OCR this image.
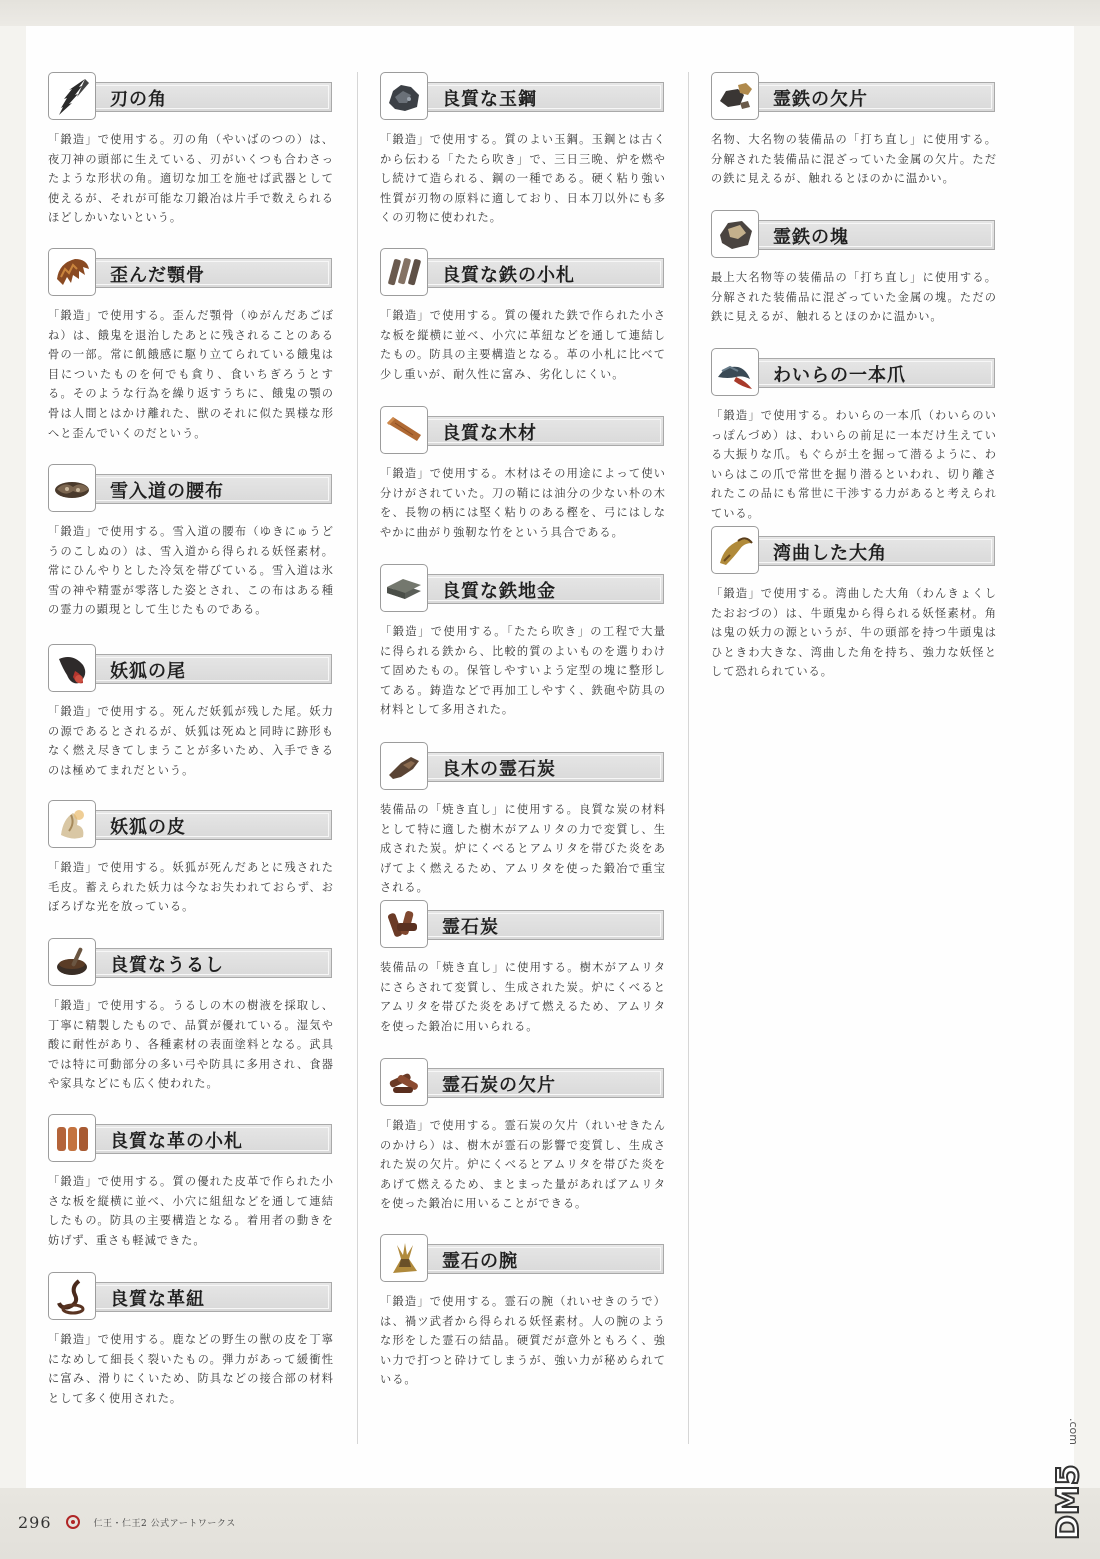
刃の角
「鍛造」で使用する。刃の角（やいばのつの）は、夜刀神の頭部に生えている、刃がいくつも合わさったような形状の角。適切な加工を施せば武器として使えるが、それが可能な刀鍛冶は片手で数えられるほどしかいないという。
歪んだ顎骨
「鍛造」で使用する。歪んだ顎骨（ゆがんだあごぼね）は、餓鬼を退治したあとに残されることのある骨の一部。常に飢餓感に駆り立てられている餓鬼は目についたものを何でも貪り、食いちぎろうとする。そのような行為を繰り返すうちに、餓鬼の顎の骨は人間とはかけ離れた、獣のそれに似た異様な形へと歪んでいくのだという。
雪入道の腰布
「鍛造」で使用する。雪入道の腰布（ゆきにゅうどうのこしぬの）は、雪入道から得られる妖怪素材。常にひんやりとした冷気を帯びている。雪入道は氷雪の神や精霊が零落した姿とされ、この布はある種の霊力の顕現として生じたものである。
妖狐の尾
「鍛造」で使用する。死んだ妖狐が残した尾。妖力の源であるとされるが、妖狐は死ぬと同時に跡形もなく燃え尽きてしまうことが多いため、入手できるのは極めてまれだという。
妖狐の皮
「鍛造」で使用する。妖狐が死んだあとに残された毛皮。蓄えられた妖力は今なお失われておらず、おぼろげな光を放っている。
良質なうるし
「鍛造」で使用する。うるしの木の樹液を採取し、丁寧に精製したもので、品質が優れている。湿気や酸に耐性があり、各種素材の表面塗料となる。武具では特に可動部分の多い弓や防具に多用され、食器や家具などにも広く使われた。
良質な革の小札
「鍛造」で使用する。質の優れた皮革で作られた小さな板を縦横に並べ、小穴に組紐などを通して連結したもの。防具の主要構造となる。着用者の動きを妨げず、重さも軽減できた。
良質な革紐
「鍛造」で使用する。鹿などの野生の獣の皮を丁寧になめして細長く裂いたもの。弾力があって緩衝性に富み、滑りにくいため、防具などの接合部の材料として多く使用された。
良質な玉鋼
「鍛造」で使用する。質のよい玉鋼。玉鋼とは古くから伝わる「たたら吹き」で、三日三晩、炉を燃やし続けて造られる、鋼の一種である。硬く粘り強い性質が刃物の原料に適しており、日本刀以外にも多くの刃物に使われた。
良質な鉄の小札
「鍛造」で使用する。質の優れた鉄で作られた小さな板を縦横に並べ、小穴に革紐などを通して連結したもの。防具の主要構造となる。革の小札に比べて少し重いが、耐久性に富み、劣化しにくい。
良質な木材
「鍛造」で使用する。木材はその用途によって使い分けがされていた。刀の鞘には油分の少ない朴の木を、長物の柄には堅く粘りのある樫を、弓にはしなやかに曲がり強靭な竹をという具合である。
良質な鉄地金
「鍛造」で使用する。「たたら吹き」の工程で大量に得られる鉄から、比較的質のよいものを選りわけて固めたもの。保管しやすいよう定型の塊に整形してある。鋳造などで再加工しやすく、鉄砲や防具の材料として多用された。
良木の霊石炭
装備品の「焼き直し」に使用する。良質な炭の材料として特に適した樹木がアムリタの力で変質し、生成された炭。炉にくべるとアムリタを帯びた炎をあげてよく燃えるため、アムリタを使った鍛冶で重宝される。
霊石炭
装備品の「焼き直し」に使用する。樹木がアムリタにさらされて変質し、生成された炭。炉にくべるとアムリタを帯びた炎をあげて燃えるため、アムリタを使った鍛冶に用いられる。
霊石炭の欠片
「鍛造」で使用する。霊石炭の欠片（れいせきたんのかけら）は、樹木が霊石の影響で変質し、生成された炭の欠片。炉にくべるとアムリタを帯びた炎をあげて燃えるため、まとまった量があればアムリタを使った鍛冶に用いることができる。
霊石の腕
「鍛造」で使用する。霊石の腕（れいせきのうで）は、禍ツ武者から得られる妖怪素材。人の腕のような形をした霊石の結晶。硬質だが意外ともろく、強い力で打つと砕けてしまうが、強い力が秘められている。
霊鉄の欠片
名物、大名物の装備品の「打ち直し」に使用する。分解された装備品に混ざっていた金属の欠片。ただの鉄に見えるが、触れるとほのかに温かい。
霊鉄の塊
最上大名物等の装備品の「打ち直し」に使用する。分解された装備品に混ざっていた金属の塊。ただの鉄に見えるが、触れるとほのかに温かい。
わいらの一本爪
「鍛造」で使用する。わいらの一本爪（わいらのいっぽんづめ）は、わいらの前足に一本だけ生えている大振りな爪。もぐらが土を掘って潜るように、わいらはこの爪で常世を掘り潜るといわれ、切り離されたこの品にも常世に干渉する力があると考えられている。
湾曲した大角
「鍛造」で使用する。湾曲した大角（わんきょくしたおおづの）は、牛頭鬼から得られる妖怪素材。角は鬼の妖力の源というが、牛の頭部を持つ牛頭鬼はひときわ大きな、湾曲した角を持ち、強力な妖怪として恐れられている。
296	仁王・仁王2 公式アートワークス
.com
DM5
